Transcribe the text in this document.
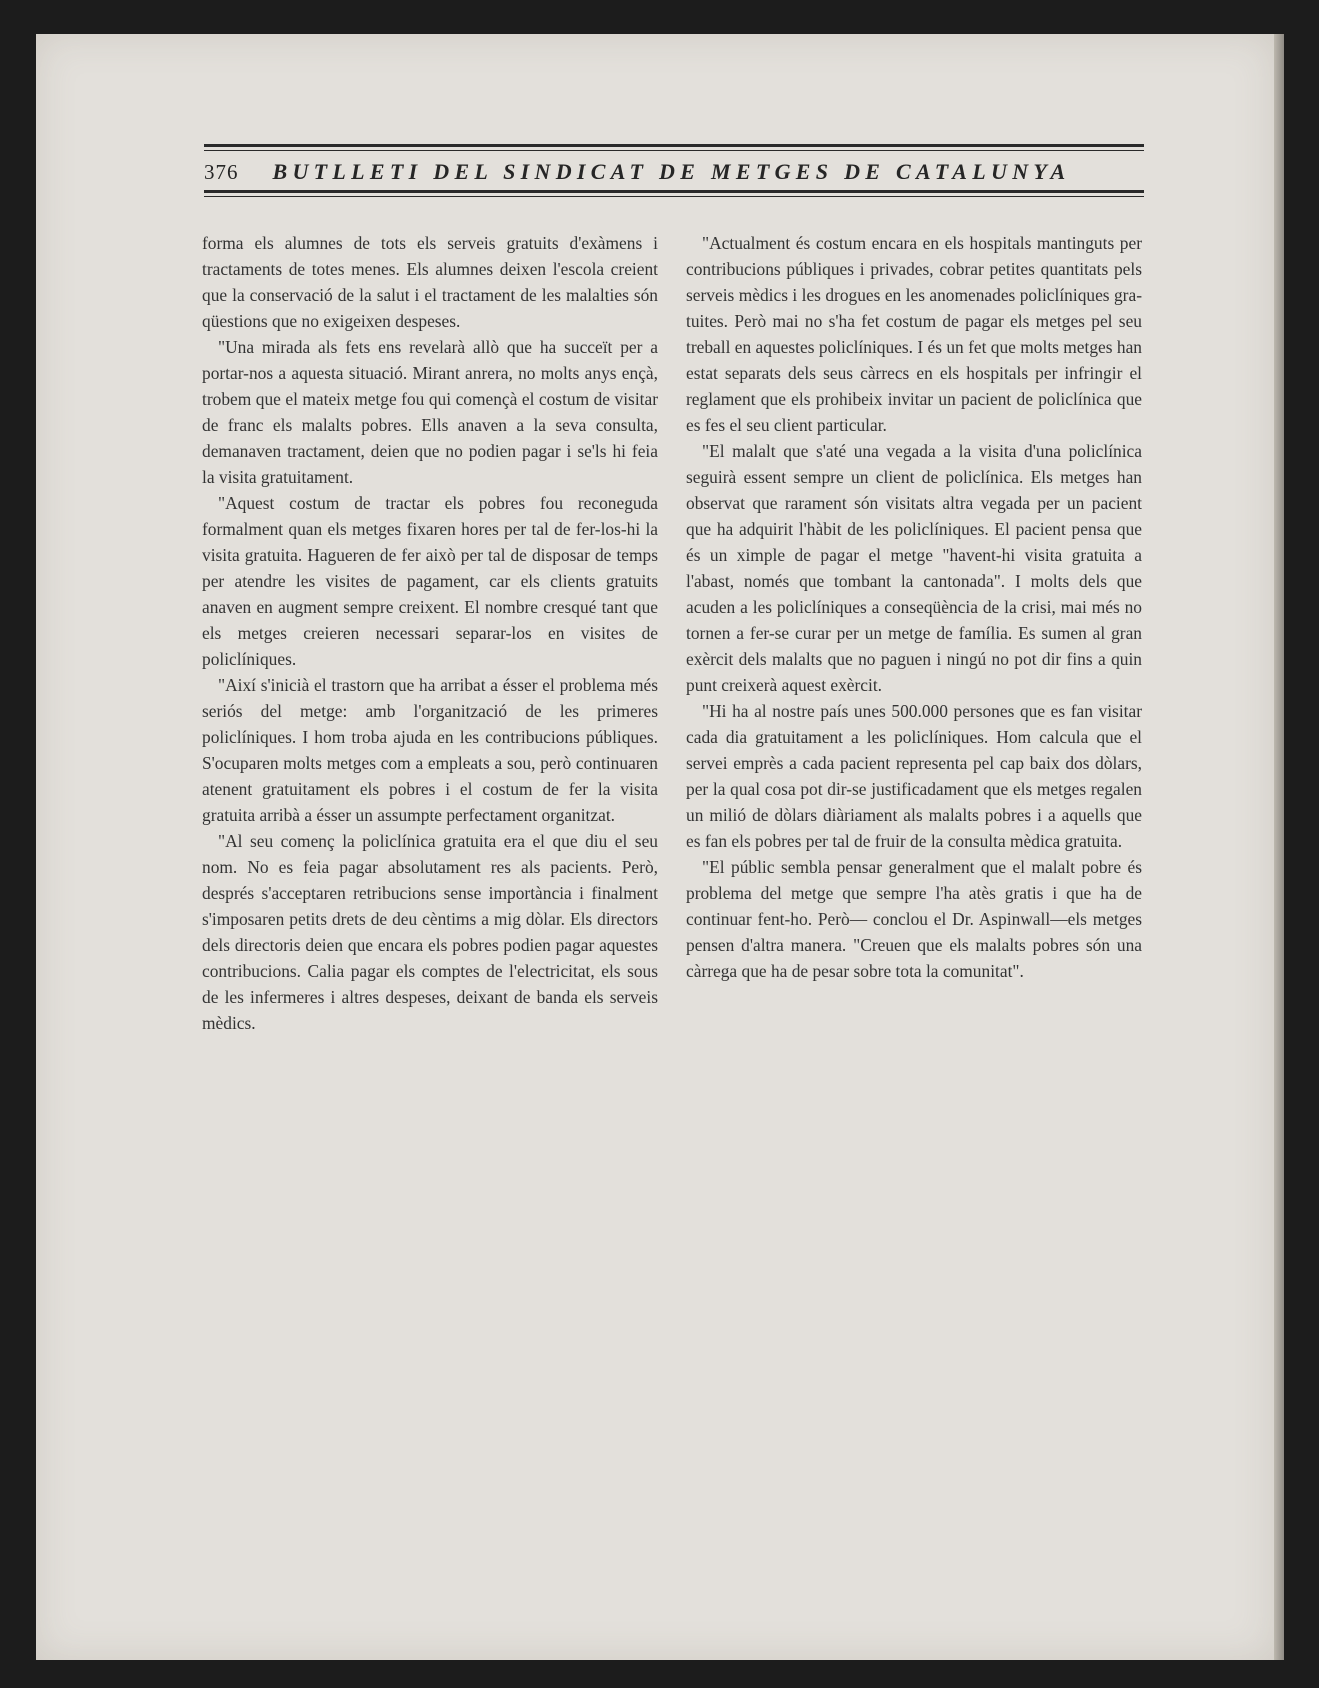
376 BUTLLETI DEL SINDICAT DE METGES DE CATALUNYA

forma els alumnes de tots els serveis gratuits d'exàmens i tractaments de totes menes. Els alumnes deixen l'escola creient que la conservació de la salut i el tractament de les malalties són qüestions que no exigeixen despeses.

"Una mirada als fets ens revelarà allò que ha succeït per a portar-nos a aquesta situació. Mirant anrera, no molts anys ençà, trobem que el mateix metge fou qui començà el costum de visitar de franc els malalts pobres. Ells anaven a la seva consulta, demanaven tractament, deien que no podien pagar i se'ls hi feia la visita gratuitament.

"Aquest costum de tractar els pobres fou reconeguda formalment quan els metges fixaren hores per tal de fer-los-hi la visita gratuita. Hagueren de fer això per tal de disposar de temps per atendre les visites de pagament, car els clients gratuits anaven en augment sempre creixent. El nombre cresqué tant que els metges creieren necessari separar-los en visites de policlíniques.

"Així s'inicià el trastorn que ha arribat a ésser el problema més seriós del metge: amb l'organització de les primeres policlíniques. I hom troba ajuda en les contribucions públiques. S'ocuparen molts metges com a empleats a sou, però continuaren atenent gratuitament els pobres i el costum de fer la visita gratuita arribà a ésser un assumpte perfectament organitzat.

"Al seu començ la policlínica gratuita era el que diu el seu nom. No es feia pagar absolutament res als pacients. Però, després s'acceptaren retribucions sense importància i finalment s'imposaren petits drets de deu cèntims a mig dòlar. Els directors dels directoris deien que encara els pobres podien pagar aquestes contribucions. Calia pagar els comptes de l'electricitat, els sous de les infermeres i altres despeses, deixant de banda els serveis mèdics.

"Actualment és costum encara en els hospitals mantinguts per contribucions públiques i privades, cobrar petites quantitats pels serveis mèdics i les drogues en les anomenades policlíniques gratuites. Però mai no s'ha fet costum de pagar els metges pel seu treball en aquestes policlíniques. I és un fet que molts metges han estat separats dels seus càrrecs en els hospitals per infringir el reglament que els prohibeix invitar un pacient de policlínica que es fes el seu client particular.

"El malalt que s'até una vegada a la visita d'una policlínica seguirà essent sempre un client de policlínica. Els metges han observat que rarament són visitats altra vegada per un pacient que ha adquirit l'hàbit de les policlíniques. El pacient pensa que és un ximple de pagar el metge "havent-hi visita gratuita a l'abast, només que tombant la cantonada". I molts dels que acuden a les policlíniques a conseqüència de la crisi, mai més no tornen a fer-se curar per un metge de família. Es sumen al gran exèrcit dels malalts que no paguen i ningú no pot dir fins a quin punt creixerà aquest exèrcit.

"Hi ha al nostre país unes 500.000 persones que es fan visitar cada dia gratuitament a les policlíniques. Hom calcula que el servei emprès a cada pacient representa pel cap baix dos dòlars, per la qual cosa pot dir-se justificadament que els metges regalen un milió de dòlars diàriament als malalts pobres i a aquells que es fan els pobres per tal de fruir de la consulta mèdica gratuita.

"El públic sembla pensar generalment que el malalt pobre és problema del metge que sempre l'ha atès gratis i que ha de continuar fent-ho. Però— conclou el Dr. Aspinwall—els metges pensen d'altra manera. "Creuen que els malalts pobres són una càrrega que ha de pesar sobre tota la comunitat".
